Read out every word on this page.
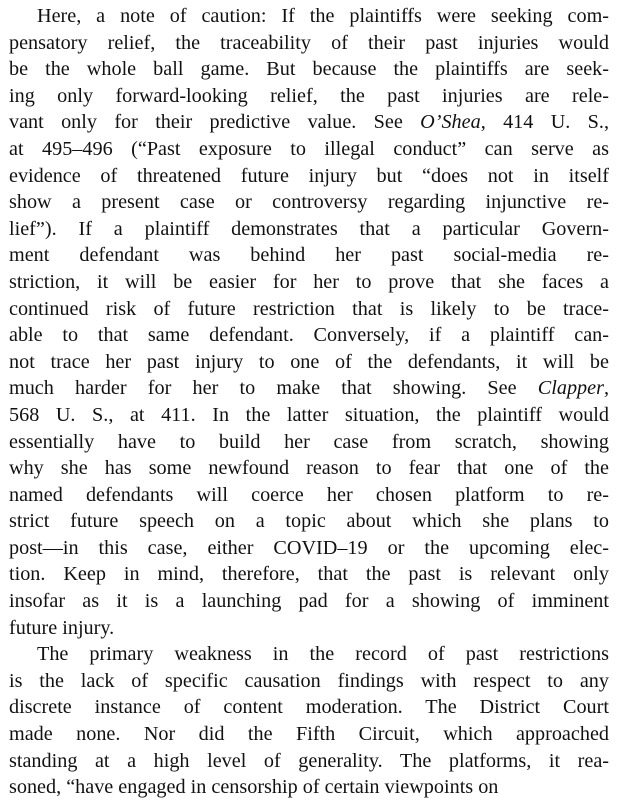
Here, a note of caution: If the plaintiffs were seeking com-
pensatory relief, the traceability of their past injuries would
be the whole ball game. But because the plaintiffs are seek-
ing only forward-looking relief, the past injuries are rele-
vant only for their predictive value. See O’Shea, 414 U. S.,
at 495–496 (“Past exposure to illegal conduct” can serve as
evidence of threatened future injury but “does not in itself
show a present case or controversy regarding injunctive re-
lief”). If a plaintiff demonstrates that a particular Govern-
ment defendant was behind her past social-media re-
striction, it will be easier for her to prove that she faces a
continued risk of future restriction that is likely to be trace-
able to that same defendant. Conversely, if a plaintiff can-
not trace her past injury to one of the defendants, it will be
much harder for her to make that showing. See Clapper,
568 U. S., at 411. In the latter situation, the plaintiff would
essentially have to build her case from scratch, showing
why she has some newfound reason to fear that one of the
named defendants will coerce her chosen platform to re-
strict future speech on a topic about which she plans to
post—in this case, either COVID–19 or the upcoming elec-
tion. Keep in mind, therefore, that the past is relevant only
insofar as it is a launching pad for a showing of imminent
future injury.
The primary weakness in the record of past restrictions
is the lack of specific causation findings with respect to any
discrete instance of content moderation. The District Court
made none. Nor did the Fifth Circuit, which approached
standing at a high level of generality. The platforms, it rea-
soned, “have engaged in censorship of certain viewpoints on
